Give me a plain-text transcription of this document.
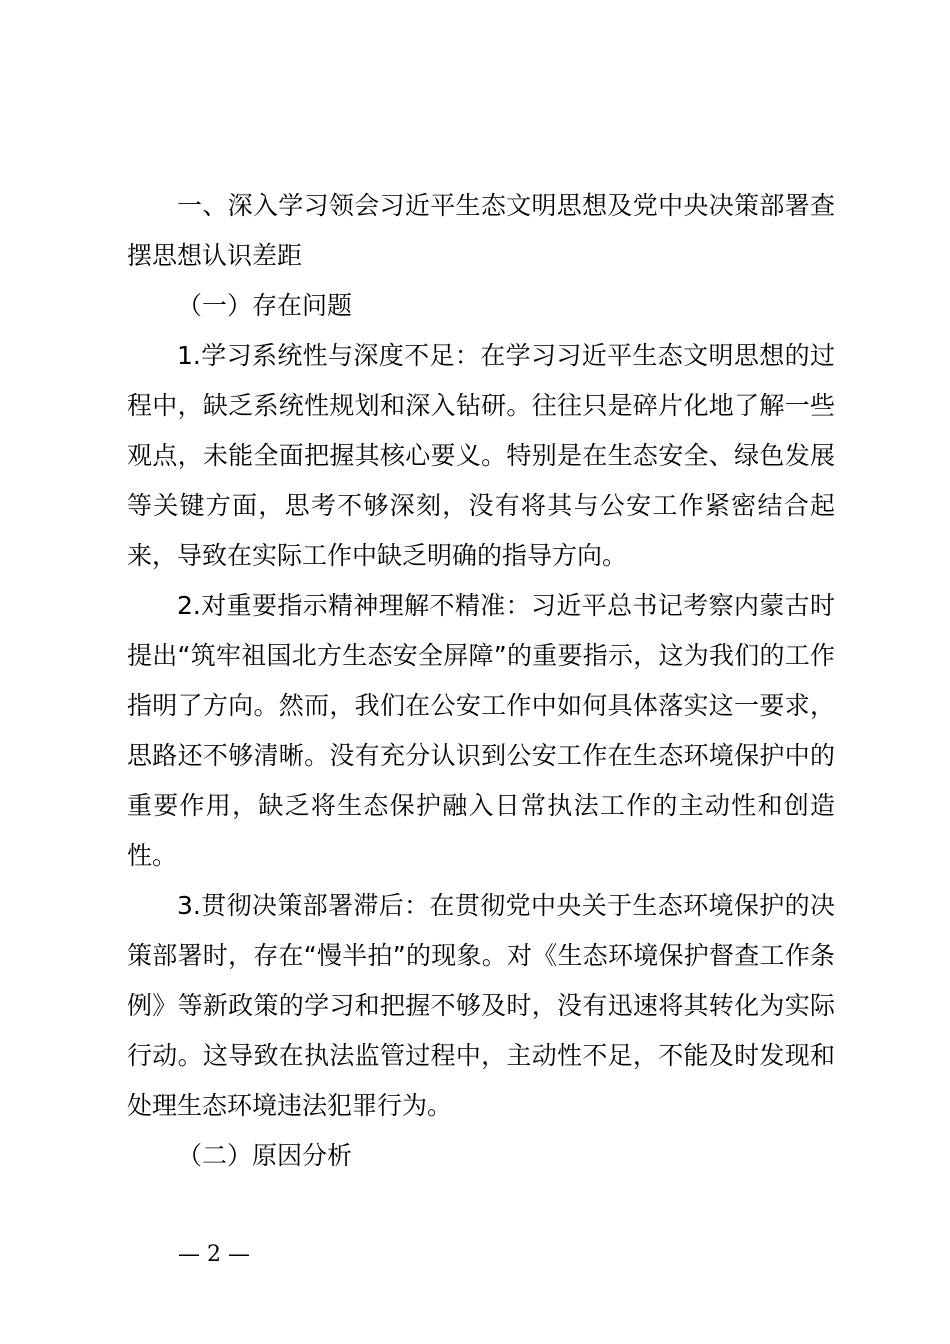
一、深入学习领会习近平生态文明思想及党中央决策部署查摆思想认识差距

（一）存在问题

1.学习系统性与深度不足：在学习习近平生态文明思想的过程中，缺乏系统性规划和深入钻研。往往只是碎片化地了解一些观点，未能全面把握其核心要义。特别是在生态安全、绿色发展等关键方面，思考不够深刻，没有将其与公安工作紧密结合起来，导致在实际工作中缺乏明确的指导方向。

2.对重要指示精神理解不精准：习近平总书记考察内蒙古时提出“筑牢祖国北方生态安全屏障”的重要指示，这为我们的工作指明了方向。然而，我们在公安工作中如何具体落实这一要求，思路还不够清晰。没有充分认识到公安工作在生态环境保护中的重要作用，缺乏将生态保护融入日常执法工作的主动性和创造性。

3.贯彻决策部署滞后：在贯彻党中央关于生态环境保护的决策部署时，存在“慢半拍”的现象。对《生态环境保护督查工作条例》等新政策的学习和把握不够及时，没有迅速将其转化为实际行动。这导致在执法监管过程中，主动性不足，不能及时发现和处理生态环境违法犯罪行为。

（二）原因分析

— 2 —
